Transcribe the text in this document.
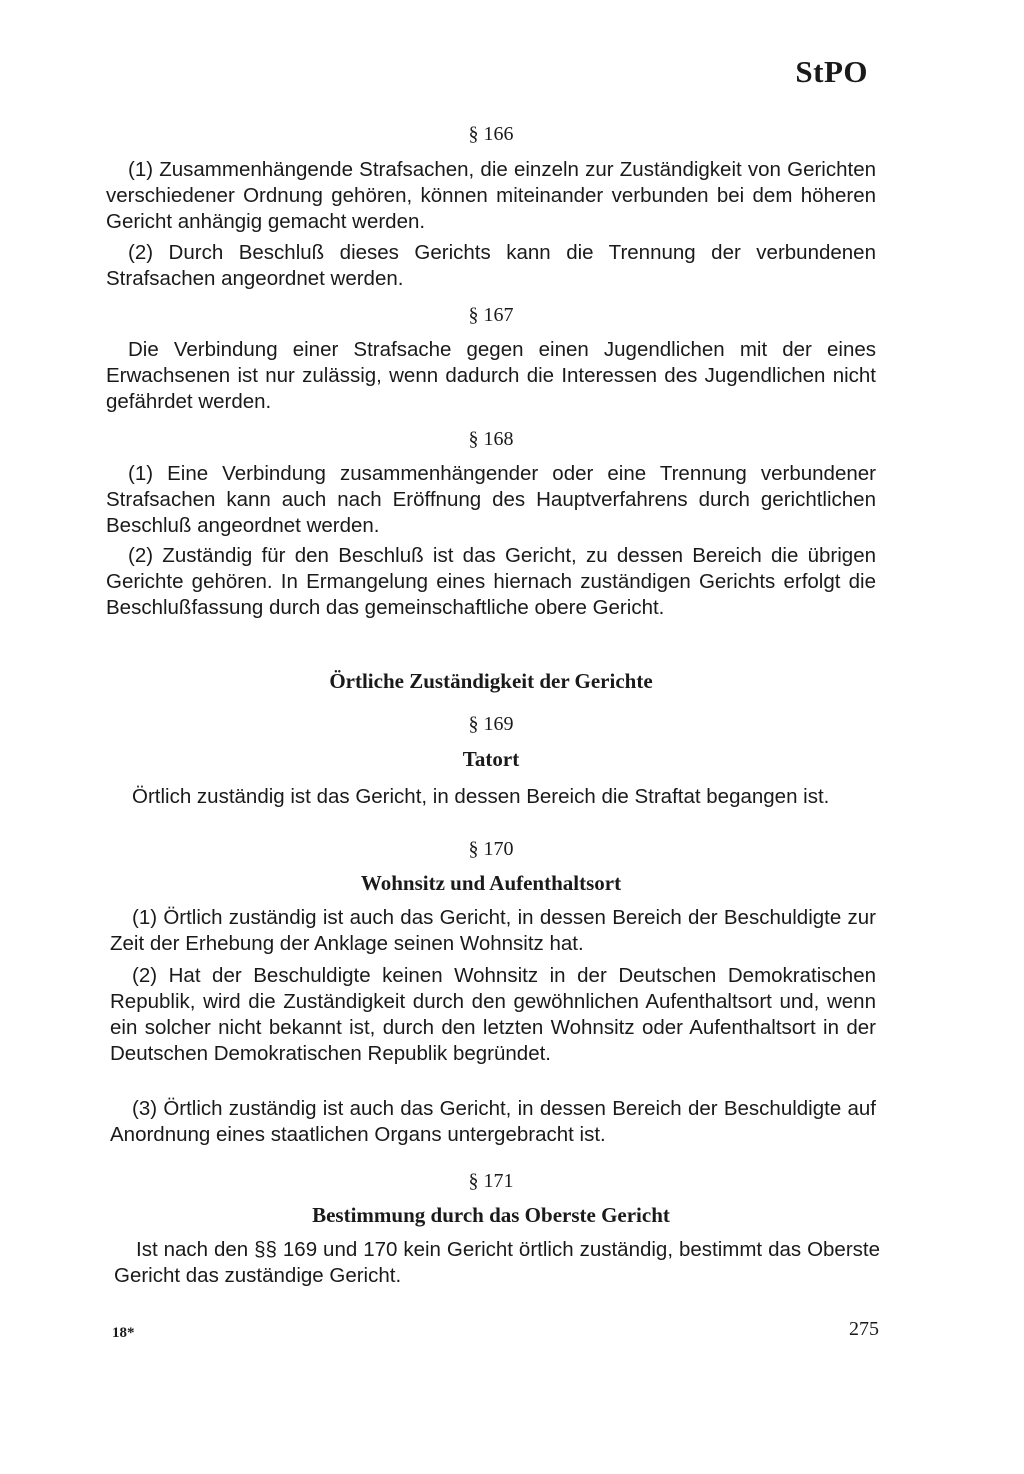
StPO
§ 166

(1) Zusammenhängende Strafsachen, die einzeln zur Zuständigkeit von Gerichten verschiedener Ordnung gehören, können miteinander verbunden bei dem höheren Gericht anhängig gemacht werden.

(2) Durch Beschluß dieses Gerichts kann die Trennung der verbundenen Strafsachen angeordnet werden.

§ 167

Die Verbindung einer Strafsache gegen einen Jugendlichen mit der eines Erwachsenen ist nur zulässig, wenn dadurch die Interessen des Jugendlichen nicht gefährdet werden.

§ 168

(1) Eine Verbindung zusammenhängender oder eine Trennung verbundener Strafsachen kann auch nach Eröffnung des Hauptverfahrens durch gerichtlichen Beschluß angeordnet werden.

(2) Zuständig für den Beschluß ist das Gericht, zu dessen Bereich die übrigen Gerichte gehören. In Ermangelung eines hiernach zuständigen Gerichts erfolgt die Beschlußfassung durch das gemeinschaftliche obere Gericht.

Örtliche Zuständigkeit der Gerichte
§ 169
Tatort

Örtlich zuständig ist das Gericht, in dessen Bereich die Straftat begangen ist.

§ 170
Wohnsitz und Aufenthaltsort

(1) Örtlich zuständig ist auch das Gericht, in dessen Bereich der Beschuldigte zur Zeit der Erhebung der Anklage seinen Wohnsitz hat.

(2) Hat der Beschuldigte keinen Wohnsitz in der Deutschen Demokratischen Republik, wird die Zuständigkeit durch den gewöhnlichen Aufenthaltsort und, wenn ein solcher nicht bekannt ist, durch den letzten Wohnsitz oder Aufenthaltsort in der Deutschen Demokratischen Republik begründet.

(3) Örtlich zuständig ist auch das Gericht, in dessen Bereich der Beschuldigte auf Anordnung eines staatlichen Organs untergebracht ist.

§ 171
Bestimmung durch das Oberste Gericht

Ist nach den §§ 169 und 170 kein Gericht örtlich zuständig, bestimmt das Oberste Gericht das zuständige Gericht.

18*	275
